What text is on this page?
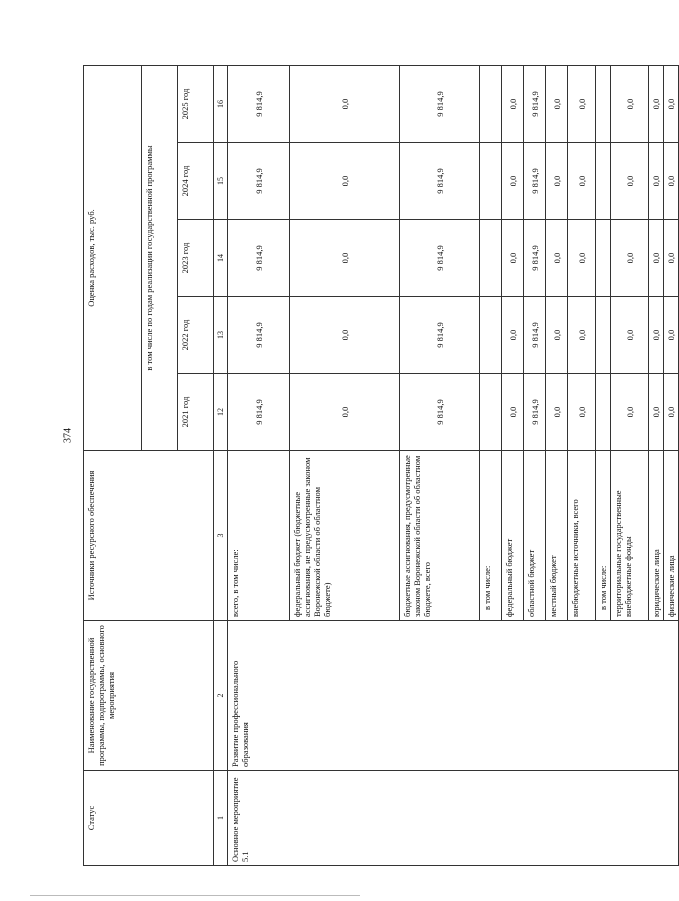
374
Статус	Наименование государственной программы, подпрограммы, основного мероприятия	Источники ресурсного обеспечения	Оценка расходов, тыс. руб.				
			в том числе по годам реализации государственной программы				
			2021 год	2022 год	2023 год	2024 год	2025 год
1	2	3	12	13	14	15	16
Основное мероприятие 5.1	Развитие профессионального образования	всего, в том числе:	9 814,9	9 814,9	9 814,9	9 814,9	9 814,9
		федеральный бюджет (бюджетные ассигнования, не предусмотренные законом Воронежской области об областном бюджете)	0,0	0,0	0,0	0,0	0,0
		бюджетные ассигнования, предусмотренные законом Воронежской области об областном бюджете, всего	9 814,9	9 814,9	9 814,9	9 814,9	9 814,9
		в том числе:					
		федеральный бюджет	0,0	0,0	0,0	0,0	0,0
		областной бюджет	9 814,9	9 814,9	9 814,9	9 814,9	9 814,9
		местный бюджет	0,0	0,0	0,0	0,0	0,0
		внебюджетные источники, всего	0,0	0,0	0,0	0,0	0,0
		в том числе:					
		территориальные государственные внебюджетные фонды	0,0	0,0	0,0	0,0	0,0
		юридические лица	0,0	0,0	0,0	0,0	0,0
		физические лица	0,0	0,0	0,0	0,0	0,0
